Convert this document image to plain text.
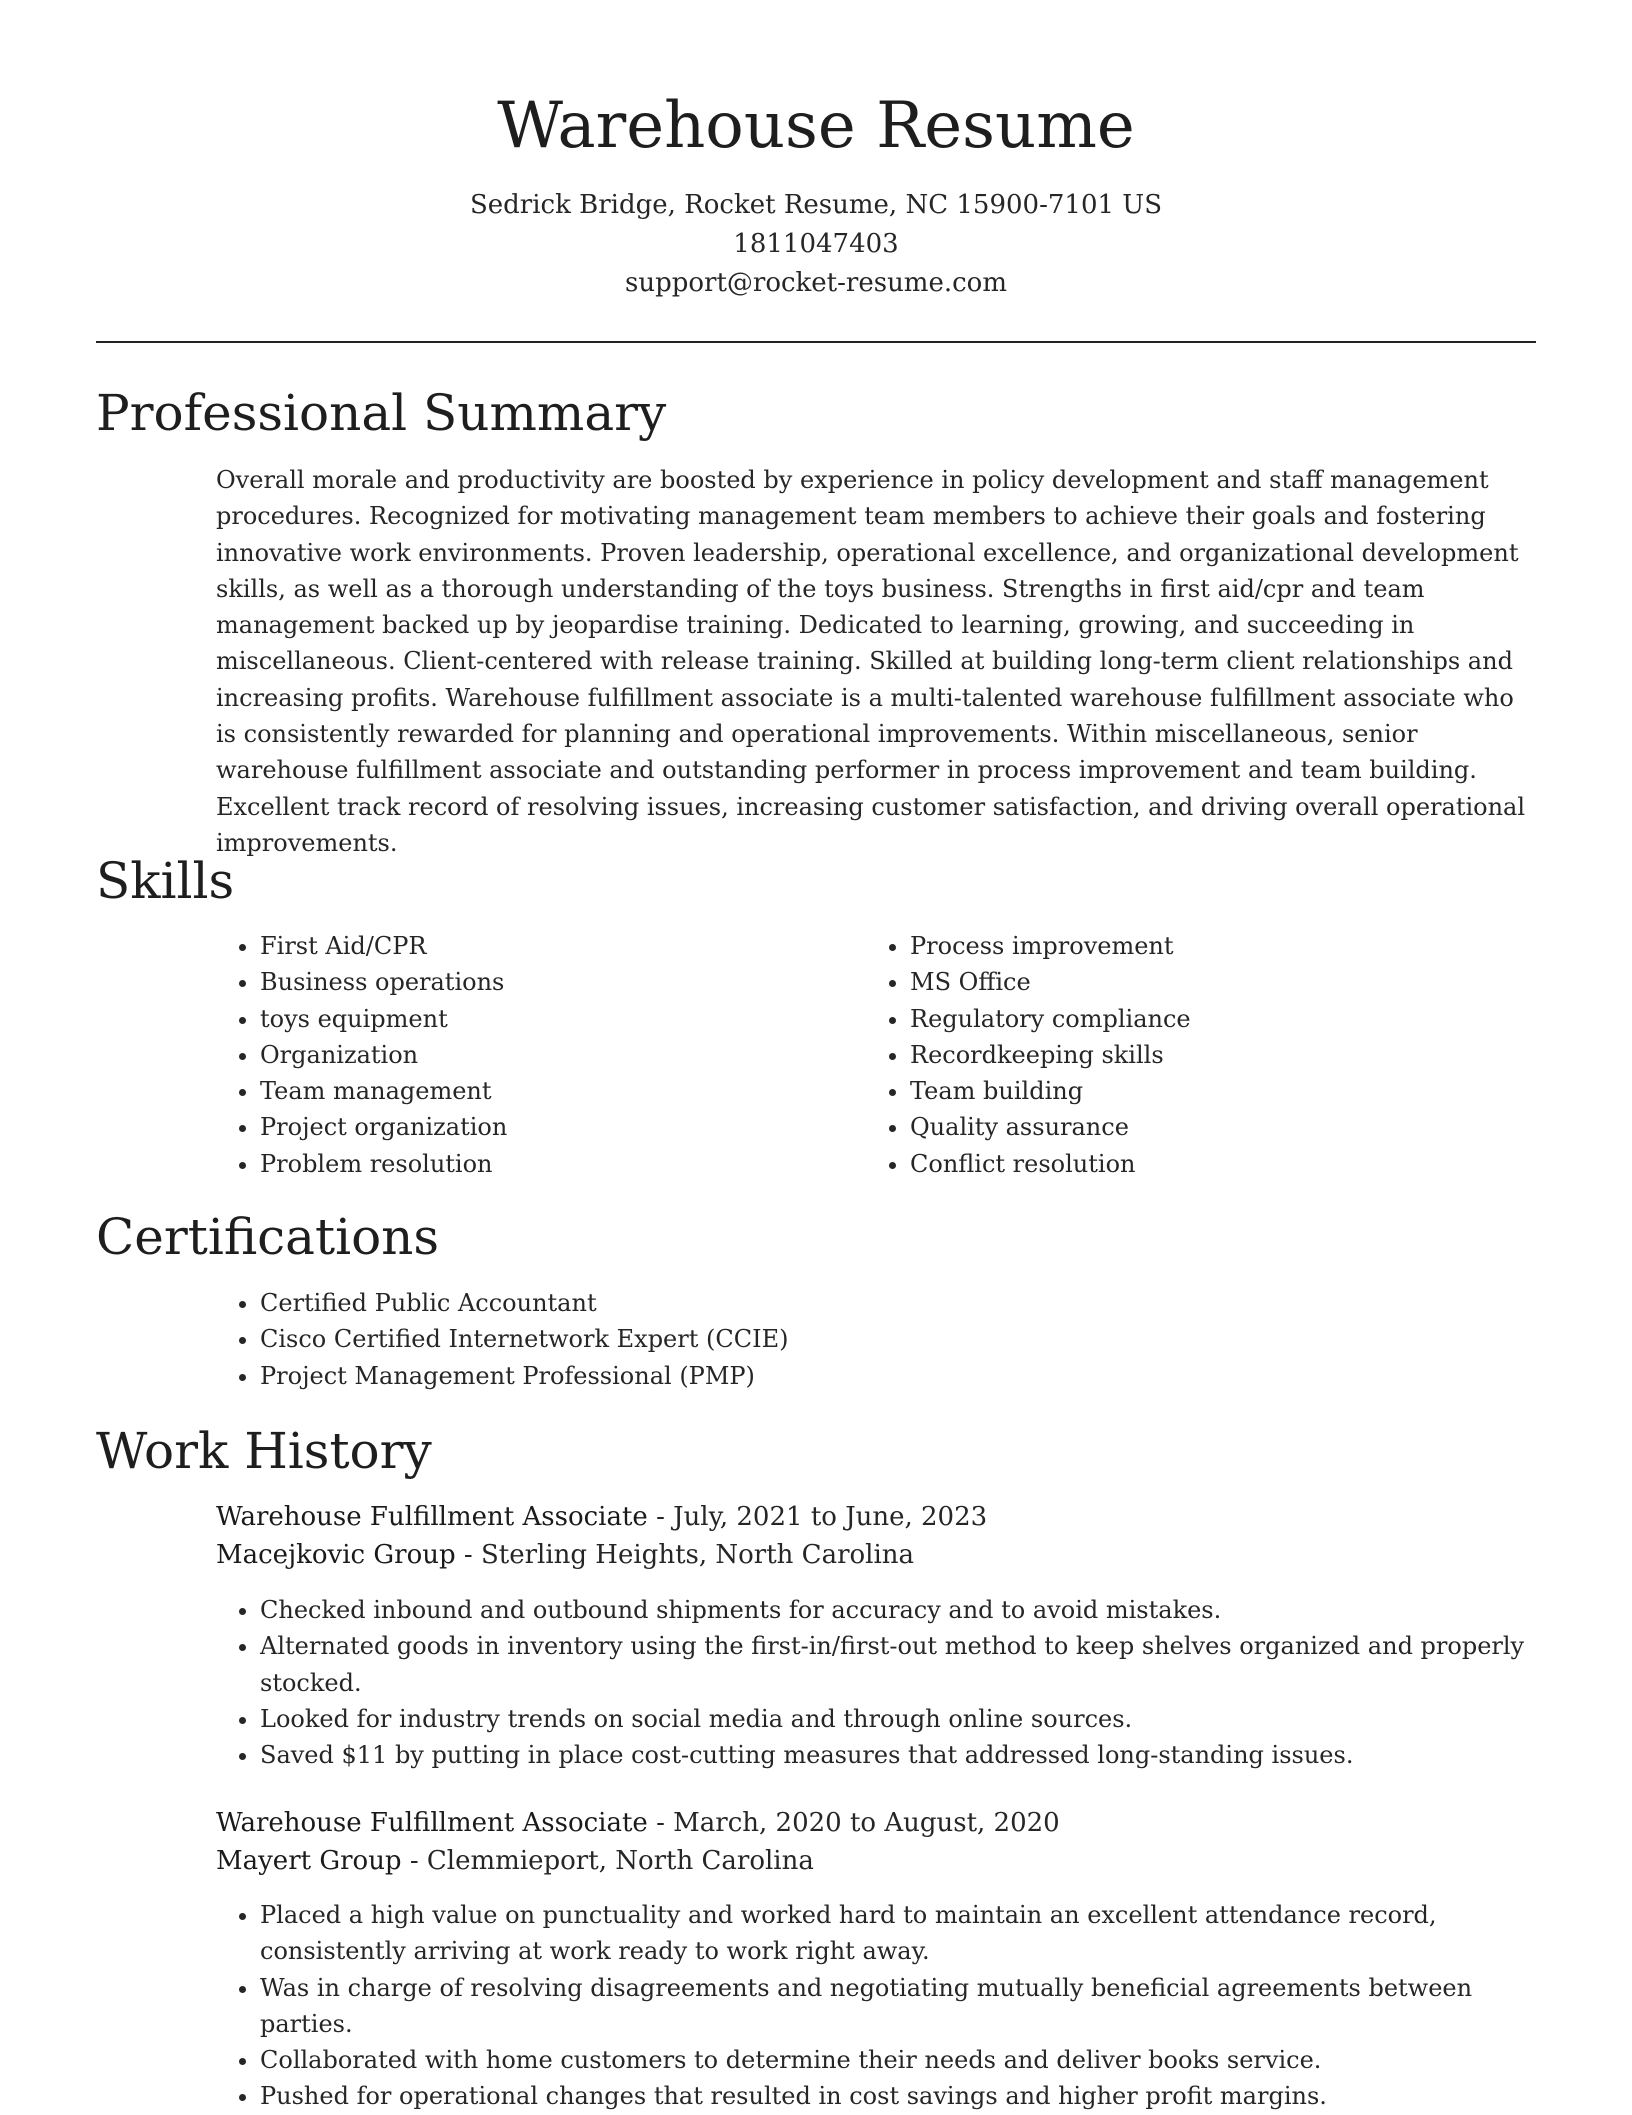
Warehouse Resume
Sedrick Bridge, Rocket Resume, NC 15900-7101 US
1811047403
support@rocket-resume.com
Professional Summary
Overall morale and productivity are boosted by experience in policy development and staff management procedures. Recognized for motivating management team members to achieve their goals and fostering innovative work environments. Proven leadership, operational excellence, and organizational development skills, as well as a thorough understanding of the toys business. Strengths in first aid/cpr and team management backed up by jeopardise training. Dedicated to learning, growing, and succeeding in miscellaneous. Client-centered with release training. Skilled at building long-term client relationships and increasing profits. Warehouse fulfillment associate is a multi-talented warehouse fulfillment associate who is consistently rewarded for planning and operational improvements. Within miscellaneous, senior warehouse fulfillment associate and outstanding performer in process improvement and team building. Excellent track record of resolving issues, increasing customer satisfaction, and driving overall operational improvements.
Skills
• First Aid/CPR
• Business operations
• toys equipment
• Organization
• Team management
• Project organization
• Problem resolution
• Process improvement
• MS Office
• Regulatory compliance
• Recordkeeping skills
• Team building
• Quality assurance
• Conflict resolution
Certifications
• Certified Public Accountant
• Cisco Certified Internetwork Expert (CCIE)
• Project Management Professional (PMP)
Work History
Warehouse Fulfillment Associate - July, 2021 to June, 2023
Macejkovic Group - Sterling Heights, North Carolina
• Checked inbound and outbound shipments for accuracy and to avoid mistakes.
• Alternated goods in inventory using the first-in/first-out method to keep shelves organized and properly stocked.
• Looked for industry trends on social media and through online sources.
• Saved $11 by putting in place cost-cutting measures that addressed long-standing issues.
Warehouse Fulfillment Associate - March, 2020 to August, 2020
Mayert Group - Clemmieport, North Carolina
• Placed a high value on punctuality and worked hard to maintain an excellent attendance record, consistently arriving at work ready to work right away.
• Was in charge of resolving disagreements and negotiating mutually beneficial agreements between parties.
• Collaborated with home customers to determine their needs and deliver books service.
• Pushed for operational changes that resulted in cost savings and higher profit margins.
